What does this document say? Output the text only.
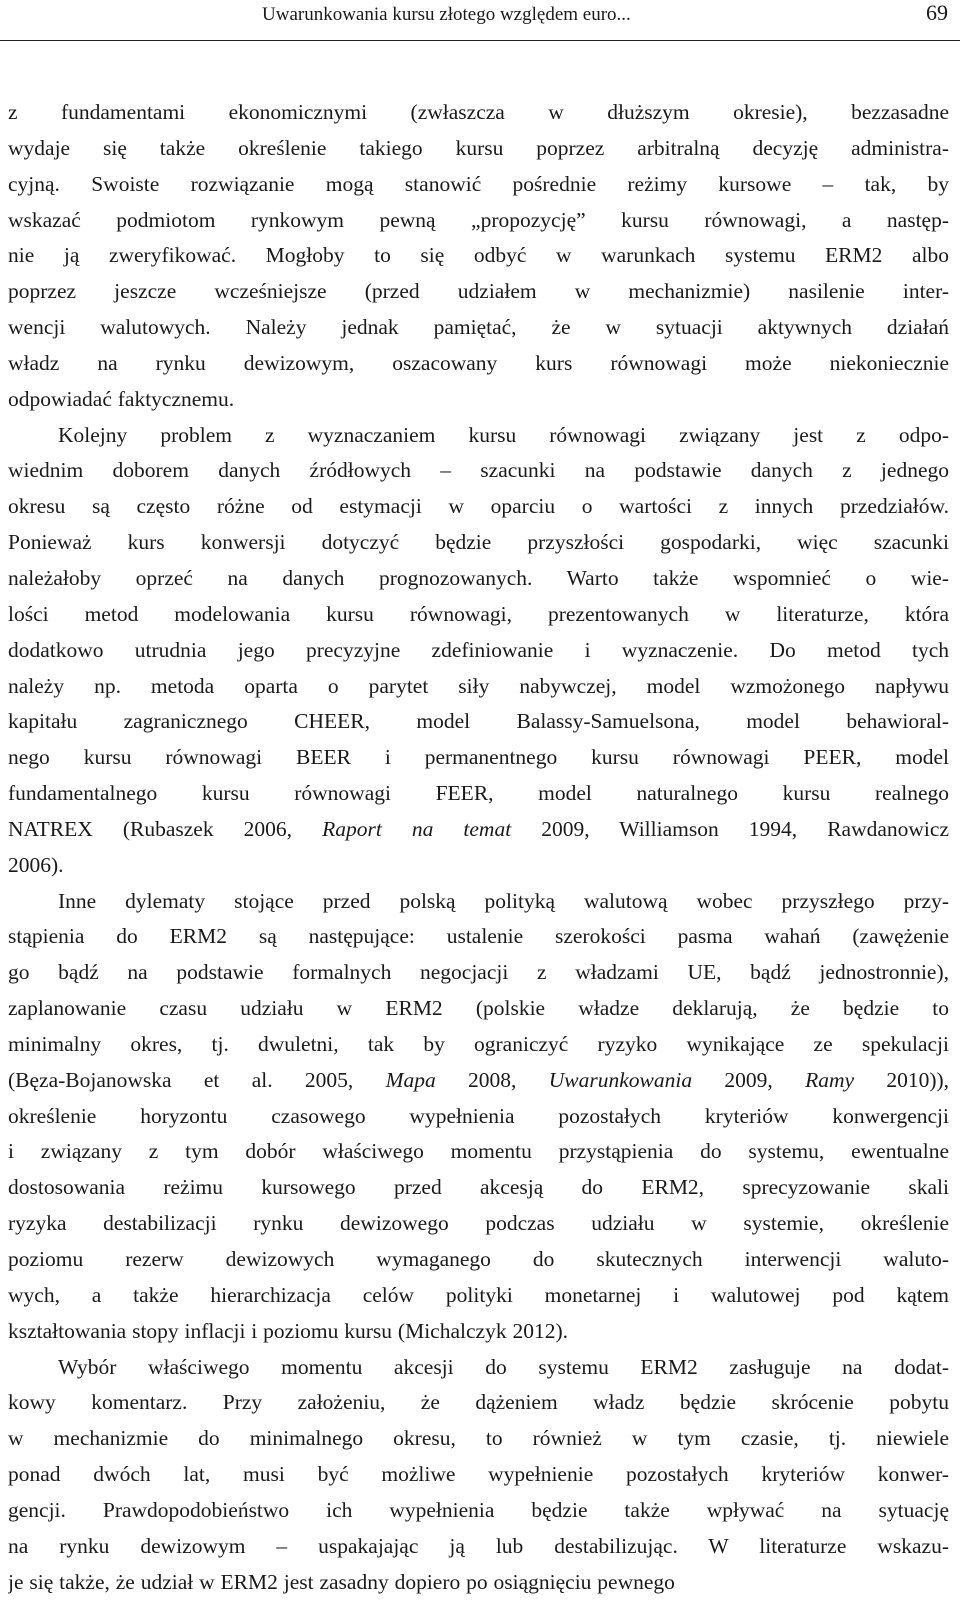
Uwarunkowania kursu złotego względem euro...	69
z fundamentami ekonomicznymi (zwłaszcza w dłuższym okresie), bezzasadne
wydaje się także określenie takiego kursu poprzez arbitralną decyzję administra-
cyjną. Swoiste rozwiązanie mogą stanowić pośrednie reżimy kursowe – tak, by
wskazać podmiotom rynkowym pewną „propozycję” kursu równowagi, a następ-
nie ją zweryfikować. Mogłoby to się odbyć w warunkach systemu ERM2 albo
poprzez jeszcze wcześniejsze (przed udziałem w mechanizmie) nasilenie inter-
wencji walutowych. Należy jednak pamiętać, że w sytuacji aktywnych działań
władz na rynku dewizowym, oszacowany kurs równowagi może niekoniecznie
odpowiadać faktycznemu.
Kolejny problem z wyznaczaniem kursu równowagi związany jest z odpo-
wiednim doborem danych źródłowych – szacunki na podstawie danych z jednego
okresu są często różne od estymacji w oparciu o wartości z innych przedziałów.
Ponieważ kurs konwersji dotyczyć będzie przyszłości gospodarki, więc szacunki
należałoby oprzeć na danych prognozowanych. Warto także wspomnieć o wie-
lości metod modelowania kursu równowagi, prezentowanych w literaturze, która
dodatkowo utrudnia jego precyzyjne zdefiniowanie i wyznaczenie. Do metod tych
należy np. metoda oparta o parytet siły nabywczej, model wzmożonego napływu
kapitału zagranicznego CHEER, model Balassy-Samuelsona, model behawioral-
nego kursu równowagi BEER i permanentnego kursu równowagi PEER, model
fundamentalnego kursu równowagi FEER, model naturalnego kursu realnego
NATREX (Rubaszek 2006, Raport na temat 2009, Williamson 1994, Rawdanowicz
2006).
Inne dylematy stojące przed polską polityką walutową wobec przyszłego przy-
stąpienia do ERM2 są następujące: ustalenie szerokości pasma wahań (zawężenie
go bądź na podstawie formalnych negocjacji z władzami UE, bądź jednostronnie),
zaplanowanie czasu udziału w ERM2 (polskie władze deklarują, że będzie to
minimalny okres, tj. dwuletni, tak by ograniczyć ryzyko wynikające ze spekulacji
(Bęza-Bojanowska et al. 2005, Mapa 2008, Uwarunkowania 2009, Ramy 2010)),
określenie horyzontu czasowego wypełnienia pozostałych kryteriów konwergencji
i związany z tym dobór właściwego momentu przystąpienia do systemu, ewentualne
dostosowania reżimu kursowego przed akcesją do ERM2, sprecyzowanie skali
ryzyka destabilizacji rynku dewizowego podczas udziału w systemie, określenie
poziomu rezerw dewizowych wymaganego do skutecznych interwencji waluto-
wych, a także hierarchizacja celów polityki monetarnej i walutowej pod kątem
kształtowania stopy inflacji i poziomu kursu (Michalczyk 2012).
Wybór właściwego momentu akcesji do systemu ERM2 zasługuje na dodat-
kowy komentarz. Przy założeniu, że dążeniem władz będzie skrócenie pobytu
w mechanizmie do minimalnego okresu, to również w tym czasie, tj. niewiele
ponad dwóch lat, musi być możliwe wypełnienie pozostałych kryteriów konwer-
gencji. Prawdopodobieństwo ich wypełnienia będzie także wpływać na sytuację
na rynku dewizowym – uspakajając ją lub destabilizując. W literaturze wskazu-
je się także, że udział w ERM2 jest zasadny dopiero po osiągnięciu pewnego
